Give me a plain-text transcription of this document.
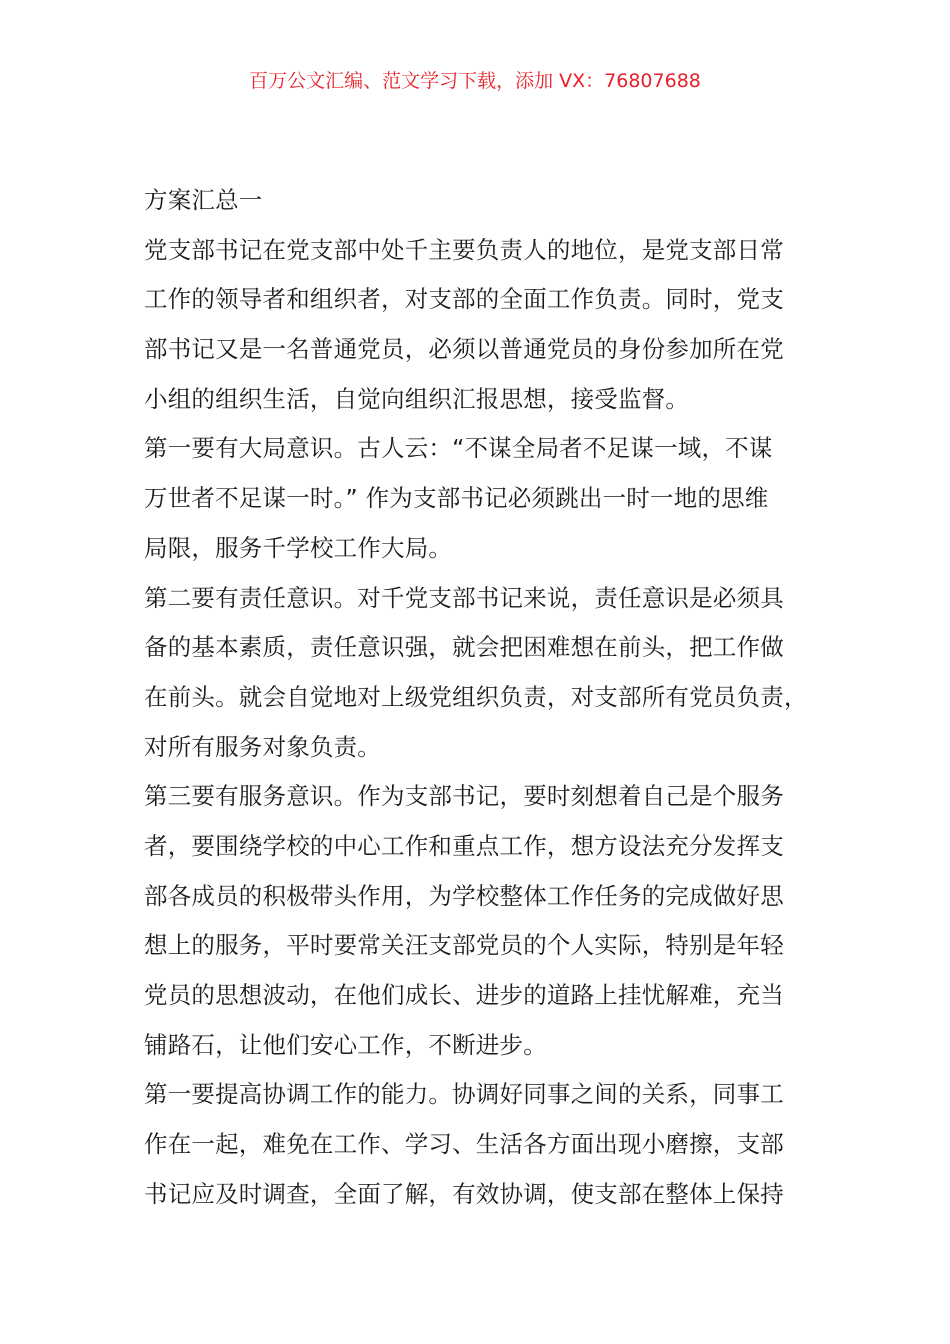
百万公文汇编、范文学习下载，添加 VX：76807688
方案汇总一
党支部书记在党支部中处千主要负责人的地位，是党支部日常
工作的领导者和组织者，对支部的全面工作负责。同时，党支
部书记又是一名普通党员，必须以普通党员的身份参加所在党
小组的组织生活，自觉向组织汇报思想，接受监督。
第一要有大局意识。古人云：“不谋全局者不足谋一域，不谋
万世者不足谋一时。” 作为支部书记必须跳出一时一地的思维
局限，服务千学校工作大局。
第二要有责任意识。对千党支部书记来说，责任意识是必须具
备的基本素质，责任意识强，就会把困难想在前头，把工作做
在前头。就会自觉地对上级党组织负责，对支部所有党员负责，
对所有服务对象负责。
第三要有服务意识。作为支部书记，要时刻想着自己是个服务
者，要围绕学校的中心工作和重点工作，想方设法充分发挥支
部各成员的积极带头作用，为学校整体工作任务的完成做好思
想上的服务，平时要常关汪支部党员的个人实际，特别是年轻
党员的思想波动，在他们成长、进步的道路上挂忧解难，充当
铺路石，让他们安心工作，不断进步。
第一要提高协调工作的能力。协调好同事之间的关系，同事工
作在一起，难免在工作、学习、生活各方面出现小磨擦，支部
书记应及时调查，全面了解，有效协调，使支部在整体上保持
